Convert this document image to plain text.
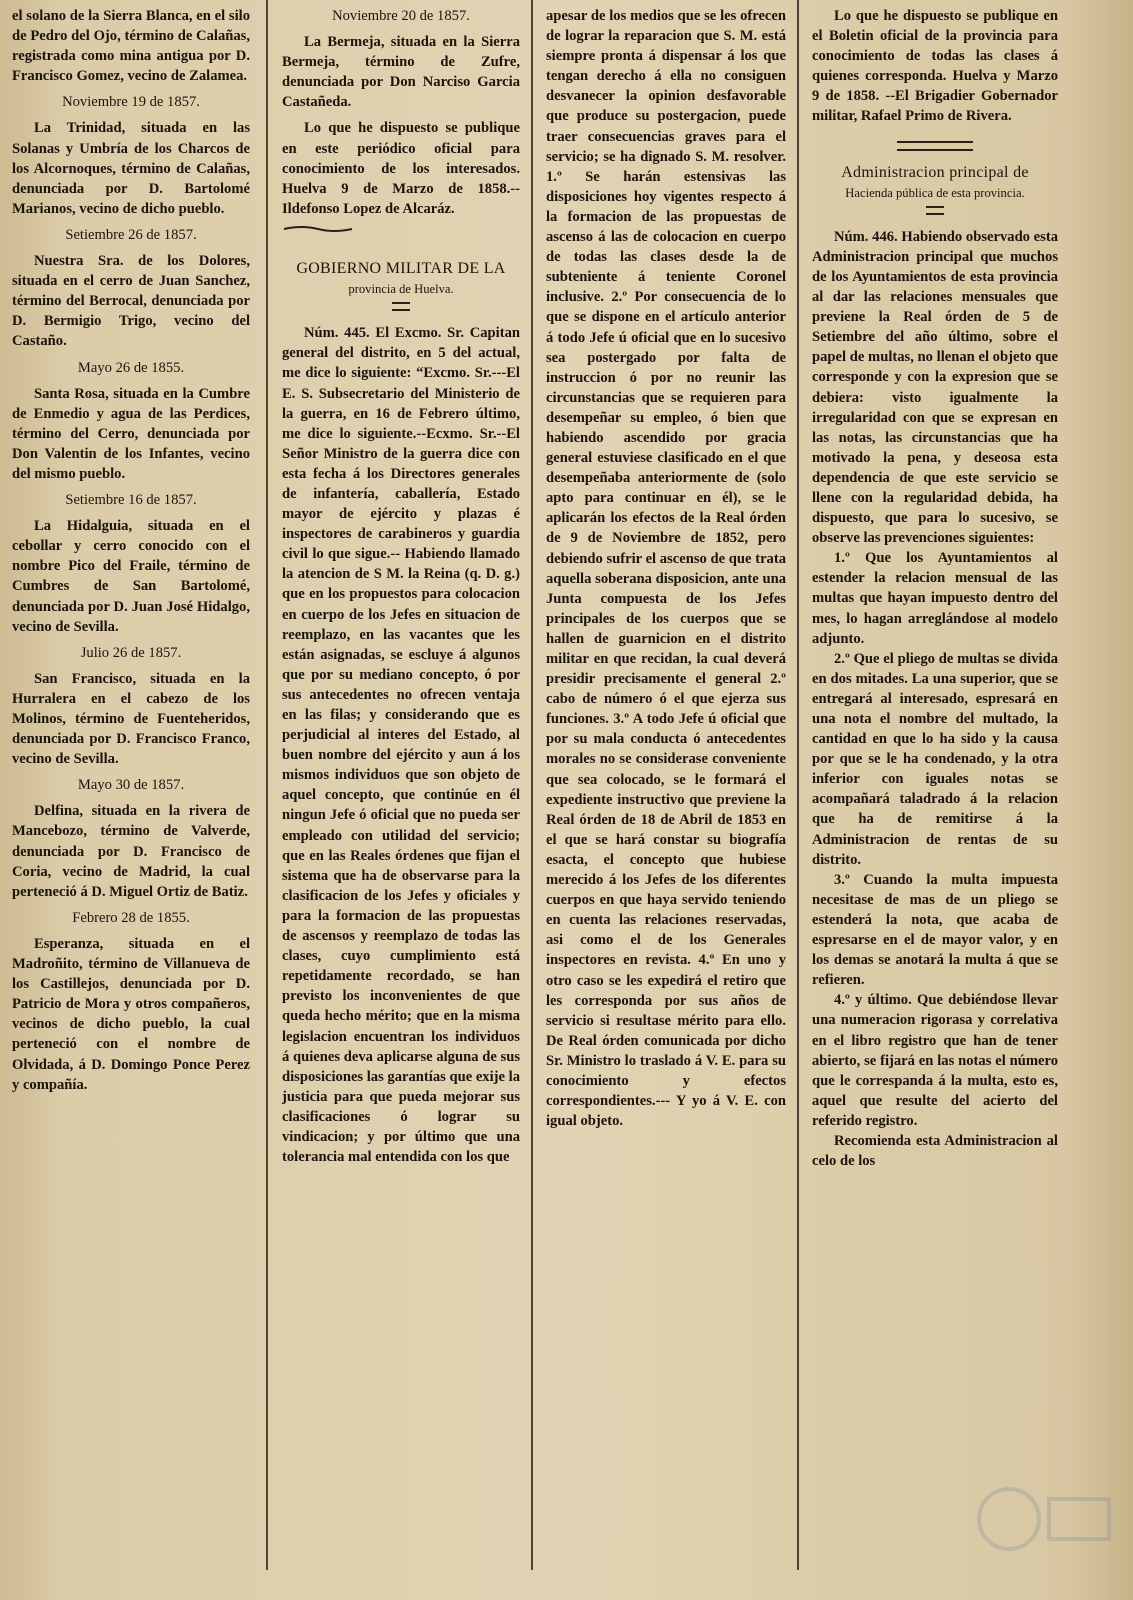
el solano de la Sierra Blanca, en el silo de Pedro del Ojo, término de Calañas, registrada como mina antigua por D. Francisco Gomez, vecino de Zalamea.

Noviembre 19 de 1857.

La Trinidad, situada en las Solanas y Umbría de los Charcos de los Alcornoques, término de Calañas, denunciada por D. Bartolomé Marianos, vecino de dicho pueblo.

Setiembre 26 de 1857.

Nuestra Sra. de los Dolores, situada en el cerro de Juan Sanchez, término del Berrocal, denunciada por D. Bermigio Trigo, vecino del Castaño.

Mayo 26 de 1855.

Santa Rosa, situada en la Cumbre de Enmedio y agua de las Perdices, término del Cerro, denunciada por Don Valentin de los Infantes, vecino del mismo pueblo.

Setiembre 16 de 1857.

La Hidalguia, situada en el cebollar y cerro conocido con el nombre Pico del Fraile, término de Cumbres de San Bartolomé, denunciada por D. Juan José Hidalgo, vecino de Sevilla.

Julio 26 de 1857.

San Francisco, situada en la Hurralera en el cabezo de los Molinos, término de Fuenteheridos, denunciada por D. Francisco Franco, vecino de Sevilla.

Mayo 30 de 1857.

Delfina, situada en la rivera de Mancebozo, término de Valverde, denunciada por D. Francisco de Coria, vecino de Madrid, la cual perteneció á D. Miguel Ortiz de Batiz.

Febrero 28 de 1855.

Esperanza, situada en el Madroñito, término de Villanueva de los Castillejos, denunciada por D. Patricio de Mora y otros compañeros, vecinos de dicho pueblo, la cual perteneció con el nombre de Olvidada, á D. Domingo Ponce Perez y compañía.

Noviembre 20 de 1857.

La Bermeja, situada en la Sierra Bermeja, término de Zufre, denunciada por Don Narciso Garcia Castañeda.

Lo que he dispuesto se publique en este periódico oficial para conocimiento de los interesados. Huelva 9 de Marzo de 1858.--Ildefonso Lopez de Alcaráz.

GOBIERNO MILITAR DE LA
provincia de Huelva.

Núm. 445. El Excmo. Sr. Capitan general del distrito, en 5 del actual, me dice lo siguiente: “Excmo. Sr.---El E. S. Subsecretario del Ministerio de la guerra, en 16 de Febrero último, me dice lo siguiente.--Ecxmo. Sr.--El Señor Ministro de la guerra dice con esta fecha á los Directores generales de infantería, caballería, Estado mayor de ejército y plazas é inspectores de carabineros y guardia civil lo que sigue.-- Habiendo llamado la atencion de S M. la Reina (q. D. g.) que en los propuestos para colocacion en cuerpo de los Jefes en situacion de reemplazo, en las vacantes que les están asignadas, se escluye á algunos que por su mediano concepto, ó por sus antecedentes no ofrecen ventaja en las filas; y considerando que es perjudicial al interes del Estado, al buen nombre del ejército y aun á los mismos individuos que son objeto de aquel concepto, que continúe en él ningun Jefe ó oficial que no pueda ser empleado con utilidad del servicio; que en las Reales órdenes que fijan el sistema que ha de observarse para la clasificacion de los Jefes y oficiales y para la formacion de las propuestas de ascensos y reemplazo de todas las clases, cuyo cumplimiento está repetidamente recordado, se han previsto los inconvenientes de que queda hecho mérito; que en la misma legislacion encuentran los individuos á quienes deva aplicarse alguna de sus disposiciones las garantías que exije la justicia para que pueda mejorar sus clasificaciones ó lograr su vindicacion; y por último que una tolerancia mal entendida con los que

apesar de los medios que se les ofrecen de lograr la reparacion que S. M. está siempre pronta á dispensar á los que tengan derecho á ella no consiguen desvanecer la opinion desfavorable que produce su postergacion, puede traer consecuencias graves para el servicio; se ha dignado S. M. resolver. 1.º Se harán estensivas las disposiciones hoy vigentes respecto á la formacion de las propuestas de ascenso á las de colocacion en cuerpo de todas las clases desde la de subteniente á teniente Coronel inclusive. 2.º Por consecuencia de lo que se dispone en el artículo anterior á todo Jefe ú oficial que en lo sucesivo sea postergado por falta de instruccion ó por no reunir las circunstancias que se requieren para desempeñar su empleo, ó bien que habiendo ascendido por gracia general estuviese clasificado en el que desempeñaba anteriormente de (solo apto para continuar en él), se le aplicarán los efectos de la Real órden de 9 de Noviembre de 1852, pero debiendo sufrir el ascenso de que trata aquella soberana disposicion, ante una Junta compuesta de los Jefes principales de los cuerpos que se hallen de guarnicion en el distrito militar en que recidan, la cual deverá presidir precisamente el general 2.º cabo de número ó el que ejerza sus funciones. 3.º A todo Jefe ú oficial que por su mala conducta ó antecedentes morales no se considerase conveniente que sea colocado, se le formará el expediente instructivo que previene la Real órden de 18 de Abril de 1853 en el que se hará constar su biografía esacta, el concepto que hubiese merecido á los Jefes de los diferentes cuerpos en que haya servido teniendo en cuenta las relaciones reservadas, asi como el de los Generales inspectores en revista. 4.º En uno y otro caso se les expedirá el retiro que les corresponda por sus años de servicio si resultase mérito para ello. De Real órden comunicada por dicho Sr. Ministro lo traslado á V. E. para su conocimiento y efectos correspondientes.--- Y yo á V. E. con igual objeto.

Lo que he dispuesto se publique en el Boletin oficial de la provincia para conocimiento de todas las clases á quienes corresponda. Huelva y Marzo 9 de 1858. --El Brigadier Gobernador militar, Rafael Primo de Rivera.

Administracion principal de
Hacienda pública de esta provincia.

Núm. 446. Habiendo observado esta Administracion principal que muchos de los Ayuntamientos de esta provincia al dar las relaciones mensuales que previene la Real órden de 5 de Setiembre del año último, sobre el papel de multas, no llenan el objeto que corresponde y con la expresion que se debiera: visto igualmente la irregularidad con que se expresan en las notas, las circunstancias que ha motivado la pena, y deseosa esta dependencia de que este servicio se llene con la regularidad debida, ha dispuesto, que para lo sucesivo, se observe las prevenciones siguientes:

1.º Que los Ayuntamientos al estender la relacion mensual de las multas que hayan impuesto dentro del mes, lo hagan arreglándose al modelo adjunto.

2.º Que el pliego de multas se divida en dos mitades. La una superior, que se entregará al interesado, espresará en una nota el nombre del multado, la cantidad en que lo ha sido y la causa por que se le ha condenado, y la otra inferior con iguales notas se acompañará taladrado á la relacion que ha de remitirse á la Administracion de rentas de su distrito.

3.º Cuando la multa impuesta necesitase de mas de un pliego se estenderá la nota, que acaba de espresarse en el de mayor valor, y en los demas se anotará la multa á que se refieren.

4.º y último. Que debiéndose llevar una numeracion rigorasa y correlativa en el libro registro que han de tener abierto, se fijará en las notas el número que le correspanda á la multa, esto es, aquel que resulte del acierto del referido registro.

Recomienda esta Administracion al celo de los
